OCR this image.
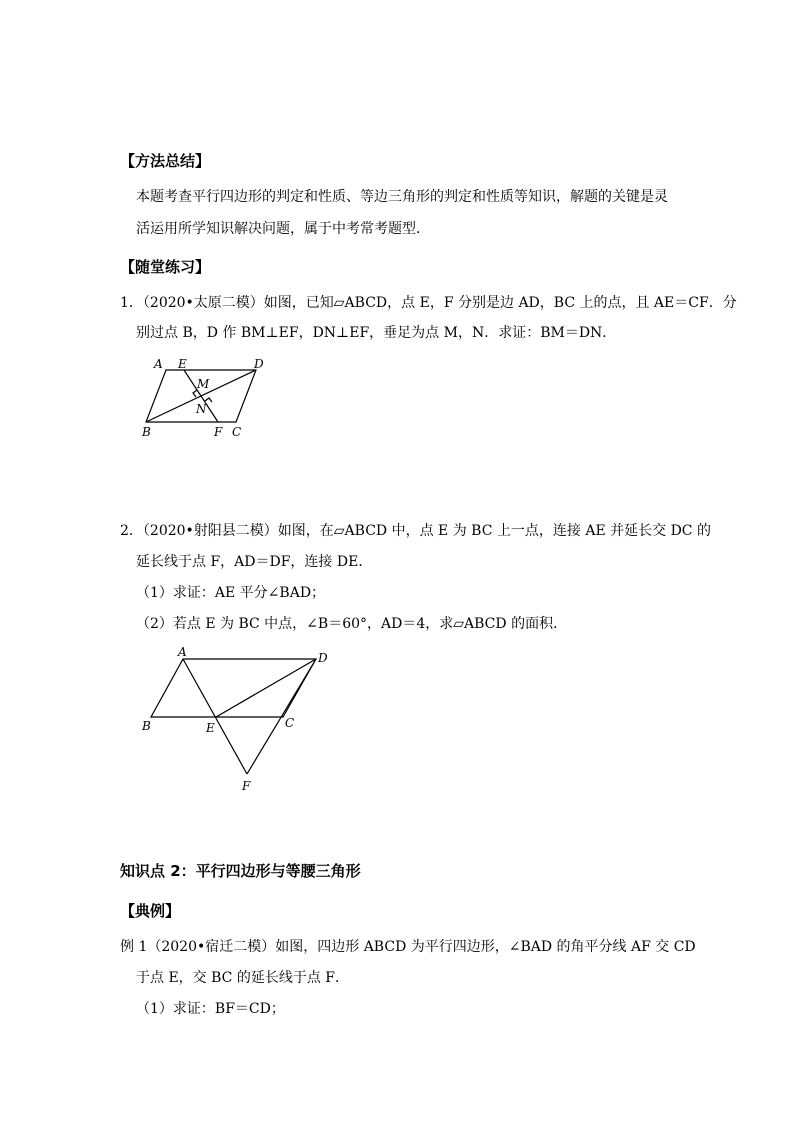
【方法总结】
本题考查平行四边形的判定和性质、等边三角形的判定和性质等知识，解题的关键是灵
活运用所学知识解决问题，属于中考常考题型．
【随堂练习】
1．（2020•太原二模）如图，已知▱ABCD，点 E，F 分别是边 AD，BC 上的点，且 AE＝CF．分
别过点 B，D 作 BM⊥EF，DN⊥EF，垂足为点 M，N．求证：BM＝DN．
A E	D
M
N
B	F C
2．（2020•射阳县二模）如图，在▱ABCD 中，点 E 为 BC 上一点，连接 AE 并延长交 DC 的
延长线于点 F，AD＝DF，连接 DE．
（1）求证：AE 平分∠BAD；
（2）若点 E 为 BC 中点，∠B＝60°，AD＝4，求▱ABCD 的面积．
A	D
B	E	C
F
知识点 2：平行四边形与等腰三角形
【典例】
例 1（2020•宿迁二模）如图，四边形 ABCD 为平行四边形，∠BAD 的角平分线 AF 交 CD
于点 E，交 BC 的延长线于点 F．
（1）求证：BF＝CD；
